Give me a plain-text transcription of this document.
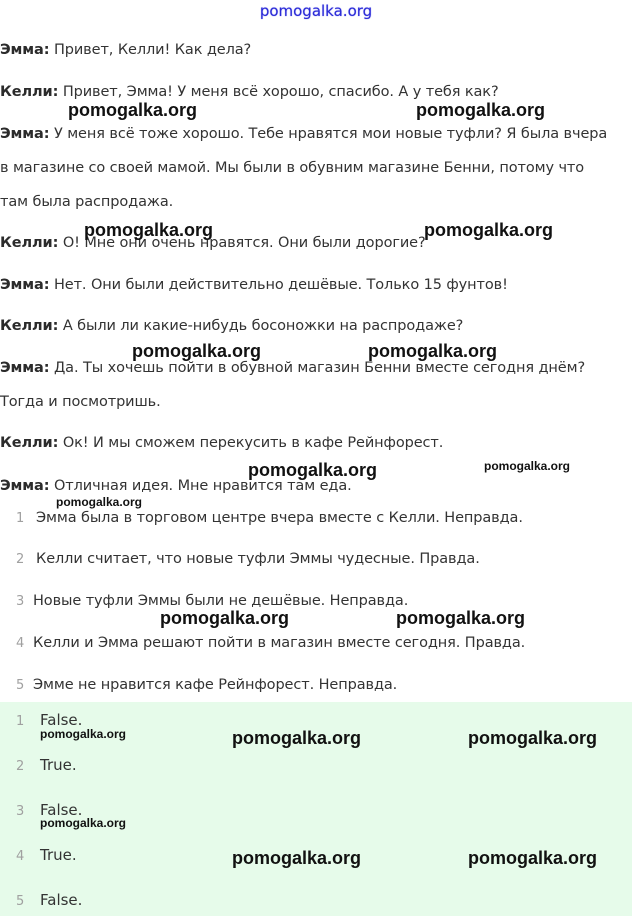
pomogalka.org
Эмма: Привет, Келли! Как дела?
Келли: Привет, Эмма! У меня всё хорошо, спасибо. А у тебя как?
Эмма: У меня всё тоже хорошо. Тебе нравятся мои новые туфли? Я была вчера
в магазине со своей мамой. Мы были в обувним магазине Бенни, потому что
там была распродажа.
Келли: О! Мне они очень нравятся. Они были дорогие?
Эмма: Нет. Они были действительно дешёвые. Только 15 фунтов!
Келли: А были ли какие-нибудь босоножки на распродаже?
Эмма: Да. Ты хочешь пойти в обувной магазин Бенни вместе сегодня днём?
Тогда и посмотришь.
Келли: Ок! И мы сможем перекусить в кафе Рейнфорест.
Эмма: Отличная идея. Мне нравится там еда.
1 Эмма была в торговом центре вчера вместе с Келли. Неправда.
2 Келли считает, что новые туфли Эммы чудесные. Правда.
3 Новые туфли Эммы были не дешёвые. Неправда.
4 Келли и Эмма решают пойти в магазин вместе сегодня. Правда.
5 Эмме не нравится кафе Рейнфорест. Неправда.
1 False.
2 True.
3 False.
4 True.
5 False.
pomogalka.org	pomogalka.org
pomogalka.org	pomogalka.org
pomogalka.org	pomogalka.org
pomogalka.org	pomogalka.org
pomogalka.org
pomogalka.org	pomogalka.org
pomogalka.org	pomogalka.org	pomogalka.org
pomogalka.org
pomogalka.org	pomogalka.org
